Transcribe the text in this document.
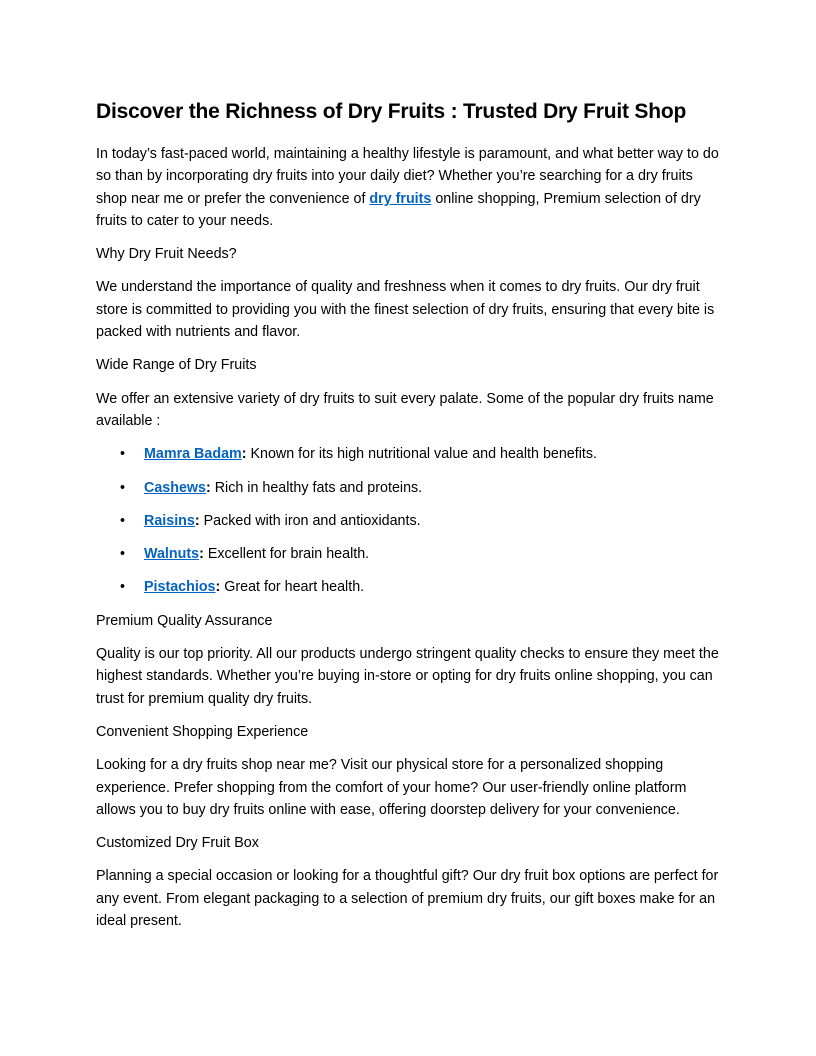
Discover the Richness of Dry Fruits : Trusted Dry Fruit Shop

In today’s fast-paced world, maintaining a healthy lifestyle is paramount, and what better way to do so than by incorporating dry fruits into your daily diet? Whether you’re searching for a dry fruits shop near me or prefer the convenience of dry fruits online shopping, Premium selection of dry fruits to cater to your needs.

Why Dry Fruit Needs?

We understand the importance of quality and freshness when it comes to dry fruits. Our dry fruit store is committed to providing you with the finest selection of dry fruits, ensuring that every bite is packed with nutrients and flavor.

Wide Range of Dry Fruits

We offer an extensive variety of dry fruits to suit every palate. Some of the popular dry fruits name available :

• Mamra Badam: Known for its high nutritional value and health benefits.
• Cashews: Rich in healthy fats and proteins.
• Raisins: Packed with iron and antioxidants.
• Walnuts: Excellent for brain health.
• Pistachios: Great for heart health.

Premium Quality Assurance

Quality is our top priority. All our products undergo stringent quality checks to ensure they meet the highest standards. Whether you’re buying in-store or opting for dry fruits online shopping, you can trust for premium quality dry fruits.

Convenient Shopping Experience

Looking for a dry fruits shop near me? Visit our physical store for a personalized shopping experience. Prefer shopping from the comfort of your home? Our user-friendly online platform allows you to buy dry fruits online with ease, offering doorstep delivery for your convenience.

Customized Dry Fruit Box

Planning a special occasion or looking for a thoughtful gift? Our dry fruit box options are perfect for any event. From elegant packaging to a selection of premium dry fruits, our gift boxes make for an ideal present.
